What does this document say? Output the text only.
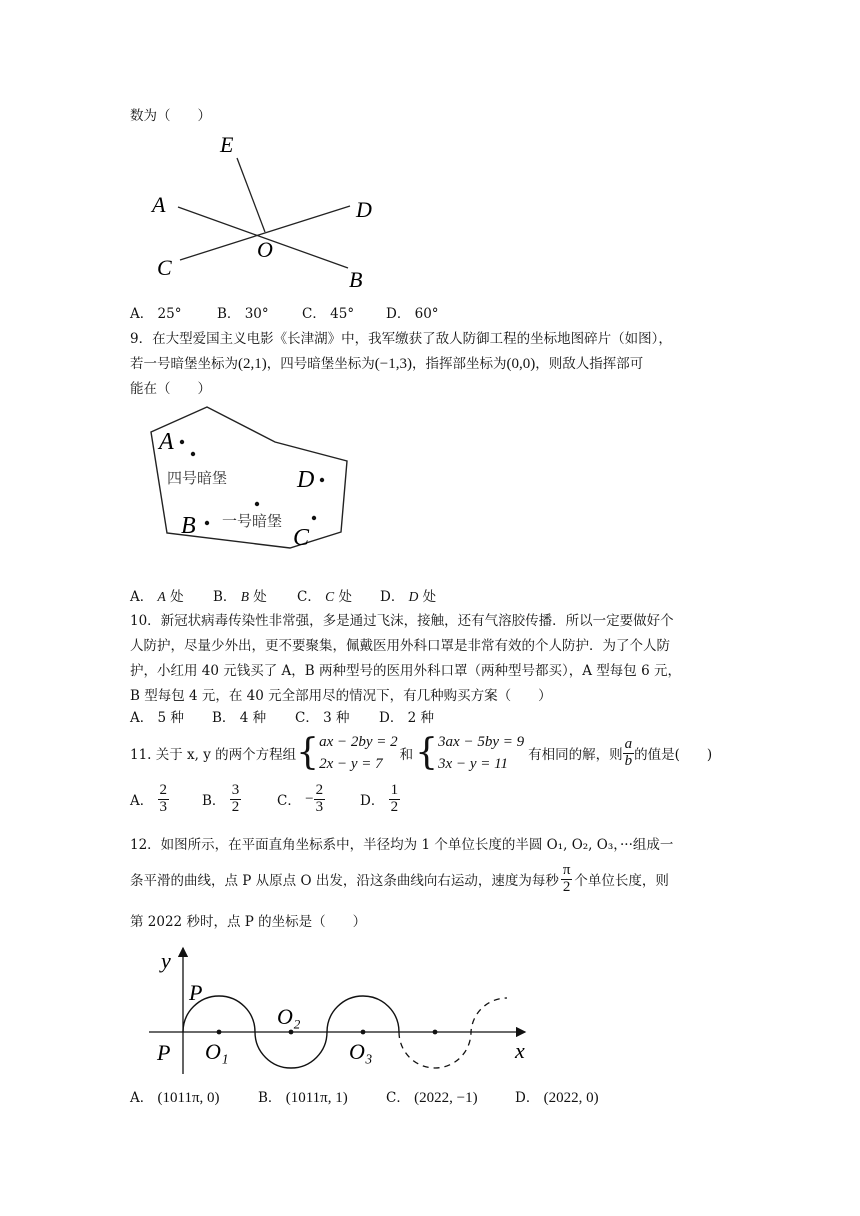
数为（　　）
E
A	D
O
C	B
A． 25°	B． 30° C． 45° D． 60°
9．在大型爱国主义电影《长津湖》中，我军缴获了敌人防御工程的坐标地图碎片（如图），
若一号暗堡坐标为(2,1)，四号暗堡坐标为(−1,3)，指挥部坐标为(0,0)，则敌人指挥部可
能在（　　）
A
四号暗堡	D
B 一号暗堡
C
A． A 处 B． B 处 C． C 处 D． D 处
10．新冠状病毒传染性非常强，多是通过飞沫，接触，还有气溶胶传播．所以一定要做好个
人防护，尽量少外出，更不要聚集，佩戴医用外科口罩是非常有效的个人防护．为了个人防
护，小红用 40 元钱买了 A，B 两种型号的医用外科口罩（两种型号都买），A 型每包 6 元，
B 型每包 4 元，在 40 元全部用尽的情况下，有几种购买方案（　　）
A． 5 种 B． 4 种 C． 3 种 D． 2 种
11. 关于 x, y 的两个方程组 { ax − 2by = 2
2x − y = 7
和 { 3ax − 5by = 9
3x − y = 11
有相同的解，则 $\frac{a}{b}$ 的值是(　　)
A．
$\frac{2}{3}$ B．
$\frac{3}{2}$	C．
− $\frac{2}{3}$	D．
$\frac{1}{2}$
12．如图所示，在平面直角坐标系中，半径均为 1 个单位长度的半圆 O₁, O₂, O₃，···组成一
条平滑的曲线，点 P 从原点 O 出发，沿这条曲线向右运动，速度为每秒 $\frac{\pi}{2}$ 个单位长度，则
第 2022 秒时，点 P 的坐标是（　　）
y
x
P
P O₁
O₂
O₃
A． (1011π, 0)	B． (1011π, 1)	C． (2022, −1)	D． (2022, 0)
